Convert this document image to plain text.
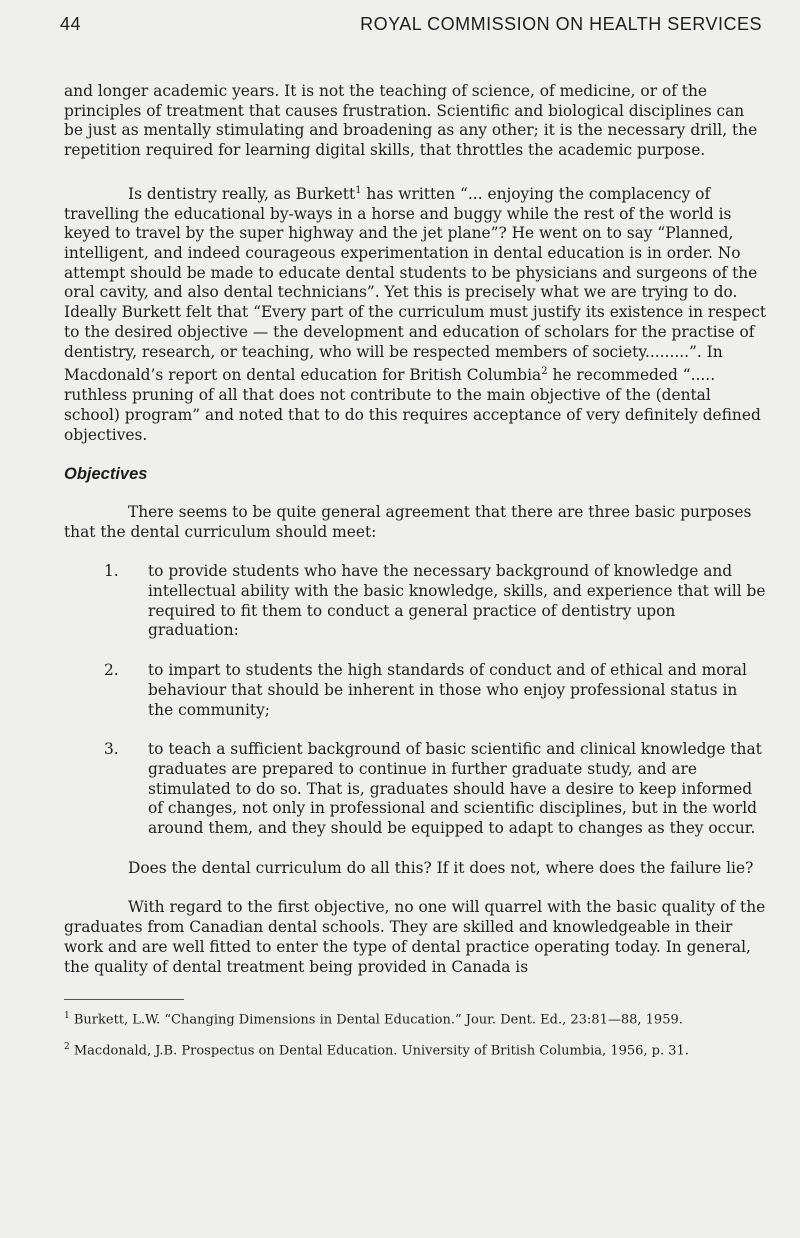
44	ROYAL COMMISSION ON HEALTH SERVICES

and longer academic years. It is not the teaching of science, of medicine, or of the principles of treatment that causes frustration. Scientific and biological disciplines can be just as mentally stimulating and broadening as any other; it is the necessary drill, the repetition required for learning digital skills, that throttles the academic purpose.

Is dentistry really, as Burkett$^1$ has written “... enjoying the complacency of travelling the educational by-ways in a horse and buggy while the rest of the world is keyed to travel by the super highway and the jet plane”? He went on to say “Planned, intelligent, and indeed courageous experimentation in dental education is in order. No attempt should be made to educate dental students to be physicians and surgeons of the oral cavity, and also dental technicians”. Yet this is precisely what we are trying to do. Ideally Burkett felt that “Every part of the curriculum must justify its existence in respect to the desired objective — the development and education of scholars for the practise of dentistry, research, or teaching, who will be respected members of society.........”. In Macdonald’s report on dental education for British Columbia$^2$ he recommeded “..... ruthless pruning of all that does not contribute to the main objective of the (dental school) program” and noted that to do this requires acceptance of very definitely defined objectives.

Objectives

There seems to be quite general agreement that there are three basic purposes that the dental curriculum should meet:

1.	to provide students who have the necessary background of knowledge and intellectual ability with the basic knowledge, skills, and experience that will be required to fit them to conduct a general practice of dentistry upon graduation:
2.	to impart to students the high standards of conduct and of ethical and moral behaviour that should be inherent in those who enjoy professional status in the community;
3.	to teach a sufficient background of basic scientific and clinical knowledge that graduates are prepared to continue in further graduate study, and are stimulated to do so. That is, graduates should have a desire to keep informed of changes, not only in professional and scientific disciplines, but in the world around them, and they should be equipped to adapt to changes as they occur.

Does the dental curriculum do all this? If it does not, where does the failure lie?

With regard to the first objective, no one will quarrel with the basic quality of the graduates from Canadian dental schools. They are skilled and knowledgeable in their work and are well fitted to enter the type of dental practice operating today. In general, the quality of dental treatment being provided in Canada is

$^1$ Burkett, L.W. “Changing Dimensions in Dental Education.” Jour. Dent. Ed., 23:81—88, 1959.
$^2$ Macdonald, J.B. Prospectus on Dental Education. University of British Columbia, 1956, p. 31.
